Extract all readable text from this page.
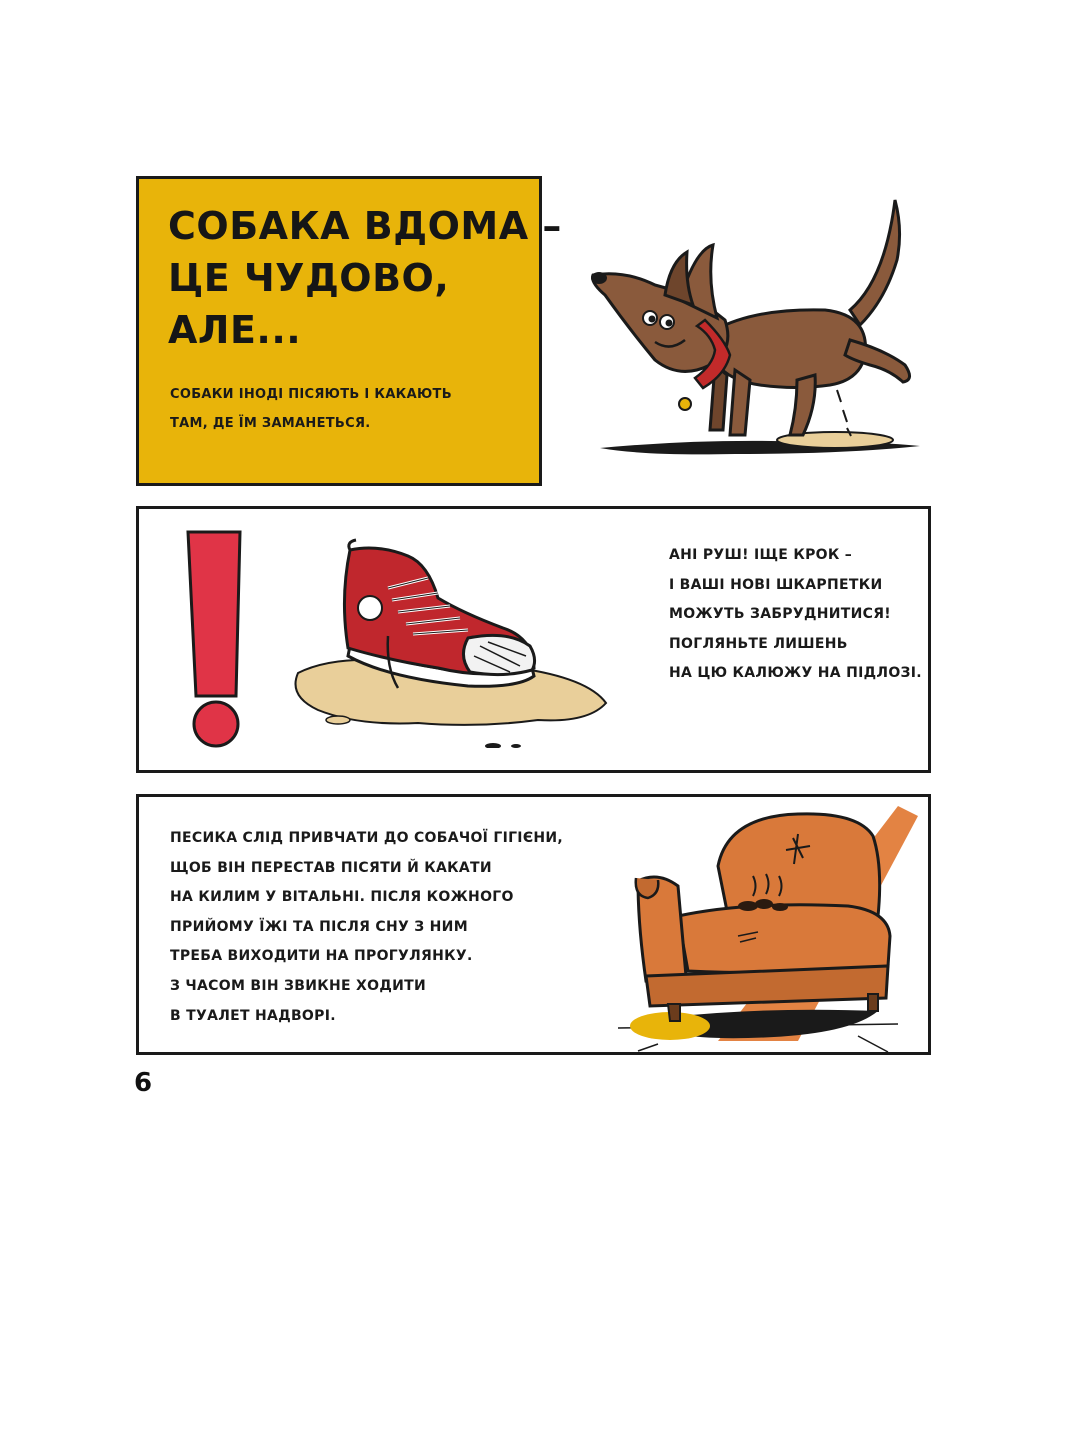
СОБАКА ВДОМА –
ЦЕ ЧУДОВО,
АЛЕ...
СОБАКИ ІНОДІ ПІСЯЮТЬ І КАКАЮТЬ
ТАМ, ДЕ ЇМ ЗАМАНЕТЬСЯ.
АНІ РУШ! ІЩЕ КРОК –
І ВАШІ НОВІ ШКАРПЕТКИ
МОЖУТЬ ЗАБРУДНИТИСЯ!
ПОГЛЯНЬТЕ ЛИШЕНЬ
НА ЦЮ КАЛЮЖУ НА ПІДЛОЗІ.
ПЕСИКА СЛІД ПРИВЧАТИ ДО СОБАЧОЇ ГІГІЄНИ,
ЩОБ ВІН ПЕРЕСТАВ ПІСЯТИ Й КАКАТИ
НА КИЛИМ У ВІТАЛЬНІ. ПІСЛЯ КОЖНОГО
ПРИЙОМУ ЇЖІ ТА ПІСЛЯ СНУ З НИМ
ТРЕБА ВИХОДИТИ НА ПРОГУЛЯНКУ.
З ЧАСОМ ВІН ЗВИКНЕ ХОДИТИ
В ТУАЛЕТ НАДВОРІ.
6
